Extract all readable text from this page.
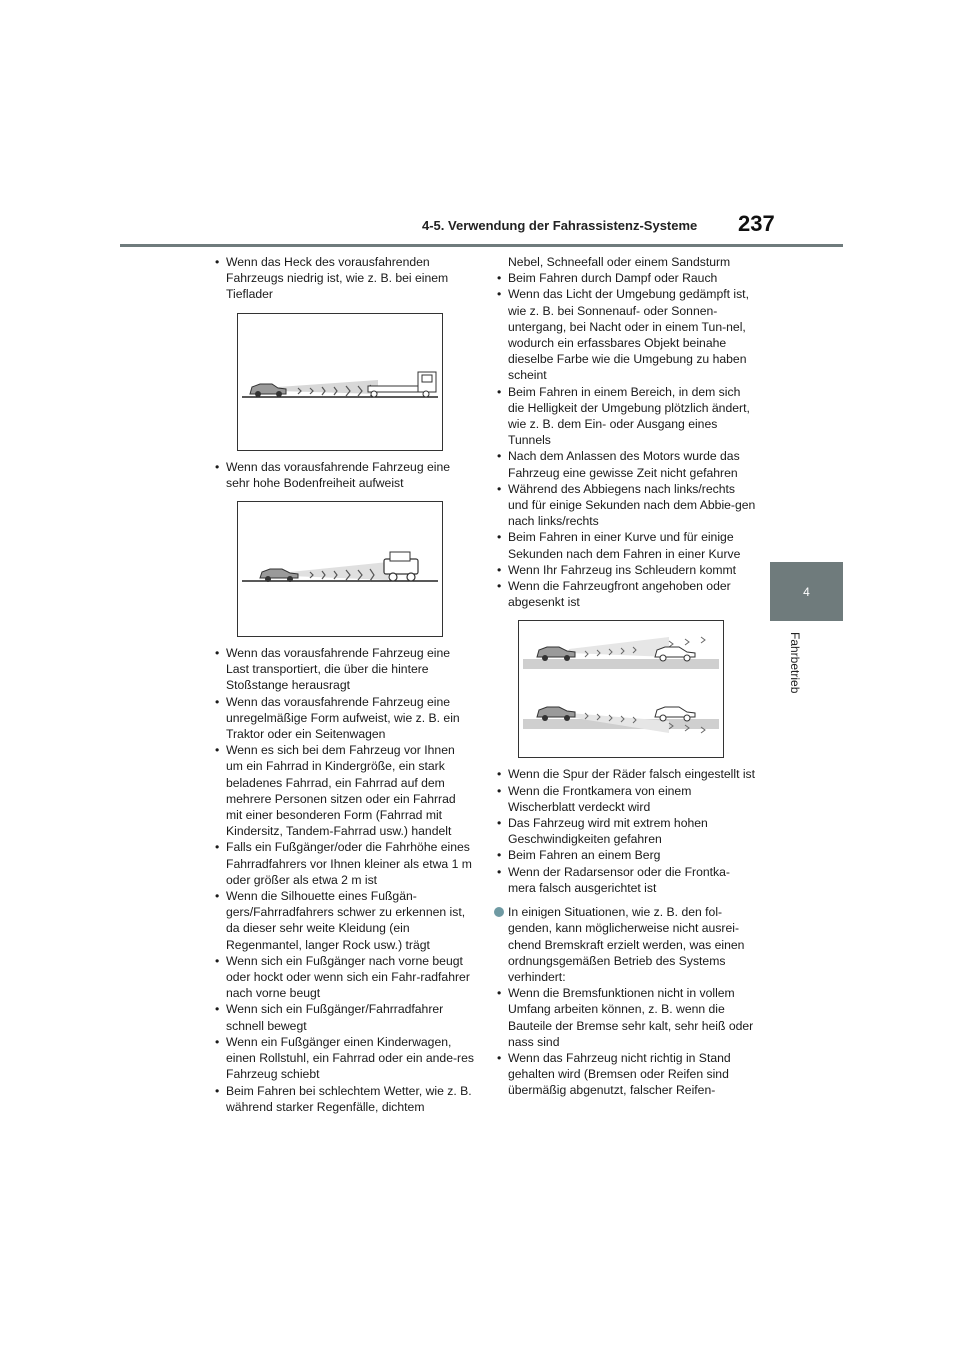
4-5. Verwendung der Fahrassistenz-Systeme 237
4
Fahrbetrieb
• Wenn das Heck des vorausfahrenden Fahrzeugs niedrig ist, wie z. B. bei einem Tieflader
• Wenn das vorausfahrende Fahrzeug eine sehr hohe Bodenfreiheit aufweist
• Wenn das vorausfahrende Fahrzeug eine Last transportiert, die über die hintere Stoßstange herausragt
• Wenn das vorausfahrende Fahrzeug eine unregelmäßige Form aufweist, wie z. B. ein Traktor oder ein Seitenwagen
• Wenn es sich bei dem Fahrzeug vor Ihnen um ein Fahrrad in Kindergröße, ein stark beladenes Fahrrad, ein Fahrrad auf dem mehrere Personen sitzen oder ein Fahrrad mit einer besonderen Form (Fahrrad mit Kindersitz, Tandem-Fahrrad usw.) handelt
• Falls ein Fußgänger/oder die Fahrhöhe eines Fahrradfahrers vor Ihnen kleiner als etwa 1 m oder größer als etwa 2 m ist
• Wenn die Silhouette eines Fußgän-gers/Fahrradfahrers schwer zu erkennen ist, da dieser sehr weite Kleidung (ein Regenmantel, langer Rock usw.) trägt
• Wenn sich ein Fußgänger nach vorne beugt oder hockt oder wenn sich ein Fahr-radfahrer nach vorne beugt
• Wenn sich ein Fußgänger/Fahrradfahrer schnell bewegt
• Wenn ein Fußgänger einen Kinderwagen, einen Rollstuhl, ein Fahrrad oder ein ande-res Fahrzeug schiebt
• Beim Fahren bei schlechtem Wetter, wie z. B. während starker Regenfälle, dichtem
Nebel, Schneefall oder einem Sandsturm
• Beim Fahren durch Dampf oder Rauch
• Wenn das Licht der Umgebung gedämpft ist, wie z. B. bei Sonnenauf- oder Sonnen-untergang, bei Nacht oder in einem Tun-nel, wodurch ein erfassbares Objekt beinahe dieselbe Farbe wie die Umgebung zu haben scheint
• Beim Fahren in einem Bereich, in dem sich die Helligkeit der Umgebung plötzlich ändert, wie z. B. dem Ein- oder Ausgang eines Tunnels
• Nach dem Anlassen des Motors wurde das Fahrzeug eine gewisse Zeit nicht gefahren
• Während des Abbiegens nach links/rechts und für einige Sekunden nach dem Abbie-gen nach links/rechts
• Beim Fahren in einer Kurve und für einige Sekunden nach dem Fahren in einer Kurve
• Wenn Ihr Fahrzeug ins Schleudern kommt
• Wenn die Fahrzeugfront angehoben oder abgesenkt ist
• Wenn die Spur der Räder falsch eingestellt ist
• Wenn die Frontkamera von einem Wischerblatt verdeckt wird
• Das Fahrzeug wird mit extrem hohen Geschwindigkeiten gefahren
• Beim Fahren an einem Berg
• Wenn der Radarsensor oder die Frontka-mera falsch ausgerichtet ist
In einigen Situationen, wie z. B. den fol-genden, kann möglicherweise nicht ausrei-chend Bremskraft erzielt werden, was einen ordnungsgemäßen Betrieb des Systems verhindert:
• Wenn die Bremsfunktionen nicht in vollem Umfang arbeiten können, z. B. wenn die Bauteile der Bremse sehr kalt, sehr heiß oder nass sind
• Wenn das Fahrzeug nicht richtig in Stand gehalten wird (Bremsen oder Reifen sind übermäßig abgenutzt, falscher Reifen-
